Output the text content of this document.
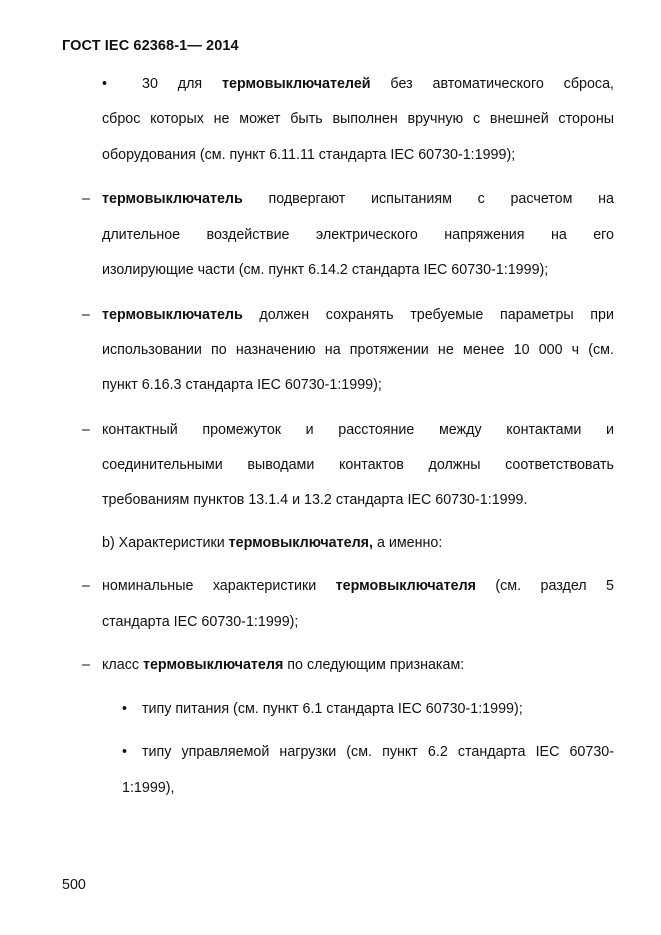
ГОСТ IEC 62368-1— 2014
• 30 для термовыключателей без автоматического сброса,
сброс которых не может быть выполнен вручную с внешней стороны
оборудования (см. пункт 6.11.11 стандарта IEC 60730-1:1999);
– термовыключатель подвергают испытаниям с расчетом на
длительное воздействие электрического напряжения на его
изолирующие части (см. пункт 6.14.2 стандарта IEC 60730-1:1999);
– термовыключатель должен сохранять требуемые параметры при
использовании по назначению на протяжении не менее 10 000 ч (см.
пункт 6.16.3 стандарта IEC 60730-1:1999);
– контактный промежуток и расстояние между контактами и
соединительными выводами контактов должны соответствовать
требованиям пунктов 13.1.4 и 13.2 стандарта IEC 60730-1:1999.
b) Характеристики термовыключателя, а именно:
– номинальные характеристики термовыключателя (см. раздел 5
стандарта IEC 60730-1:1999);
– класс термовыключателя по следующим признакам:
• типу питания (см. пункт 6.1 стандарта IEC 60730-1:1999);
• типу управляемой нагрузки (см. пункт 6.2 стандарта IEC 60730-
1:1999),
500
